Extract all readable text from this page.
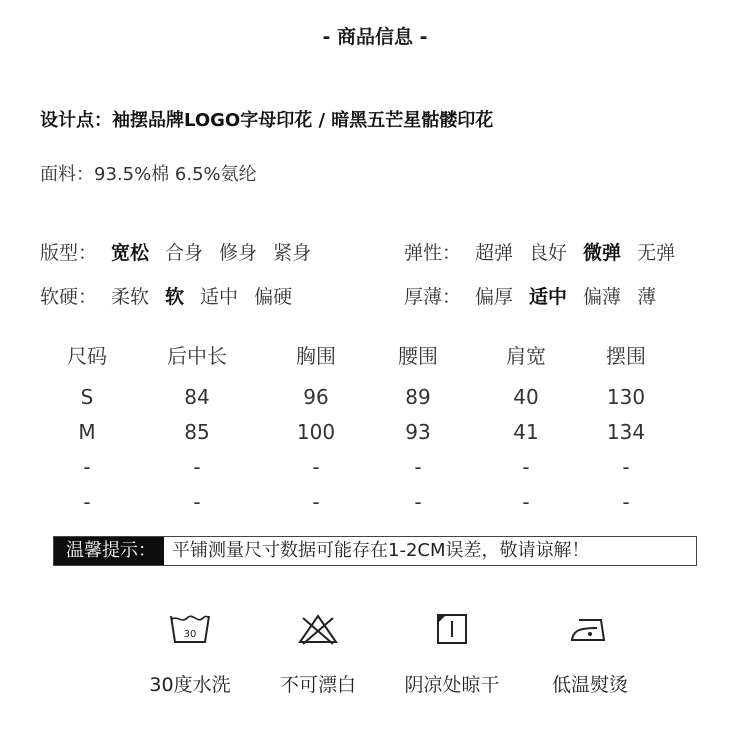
- 商品信息 -
设计点：袖摆品牌LOGO字母印花 / 暗黑五芒星骷髅印花
面料：93.5%棉 6.5%氨纶
版型： 宽松 合身 修身 紧身	弹性： 超弹 良好 微弹 无弹
软硬： 柔软 软 适中 偏硬	厚薄： 偏厚 适中 偏薄 薄
尺码	后中长	胸围	腰围	肩宽	摆围
S	84	96	89	40	130
M	85	100	93	41	134
-	-	-	-	-	-
-	-	-	-	-	-
温馨提示： 平铺测量尺寸数据可能存在1-2CM误差，敬请谅解！
30
30度水洗	不可漂白	阴凉处晾干	低温熨烫
